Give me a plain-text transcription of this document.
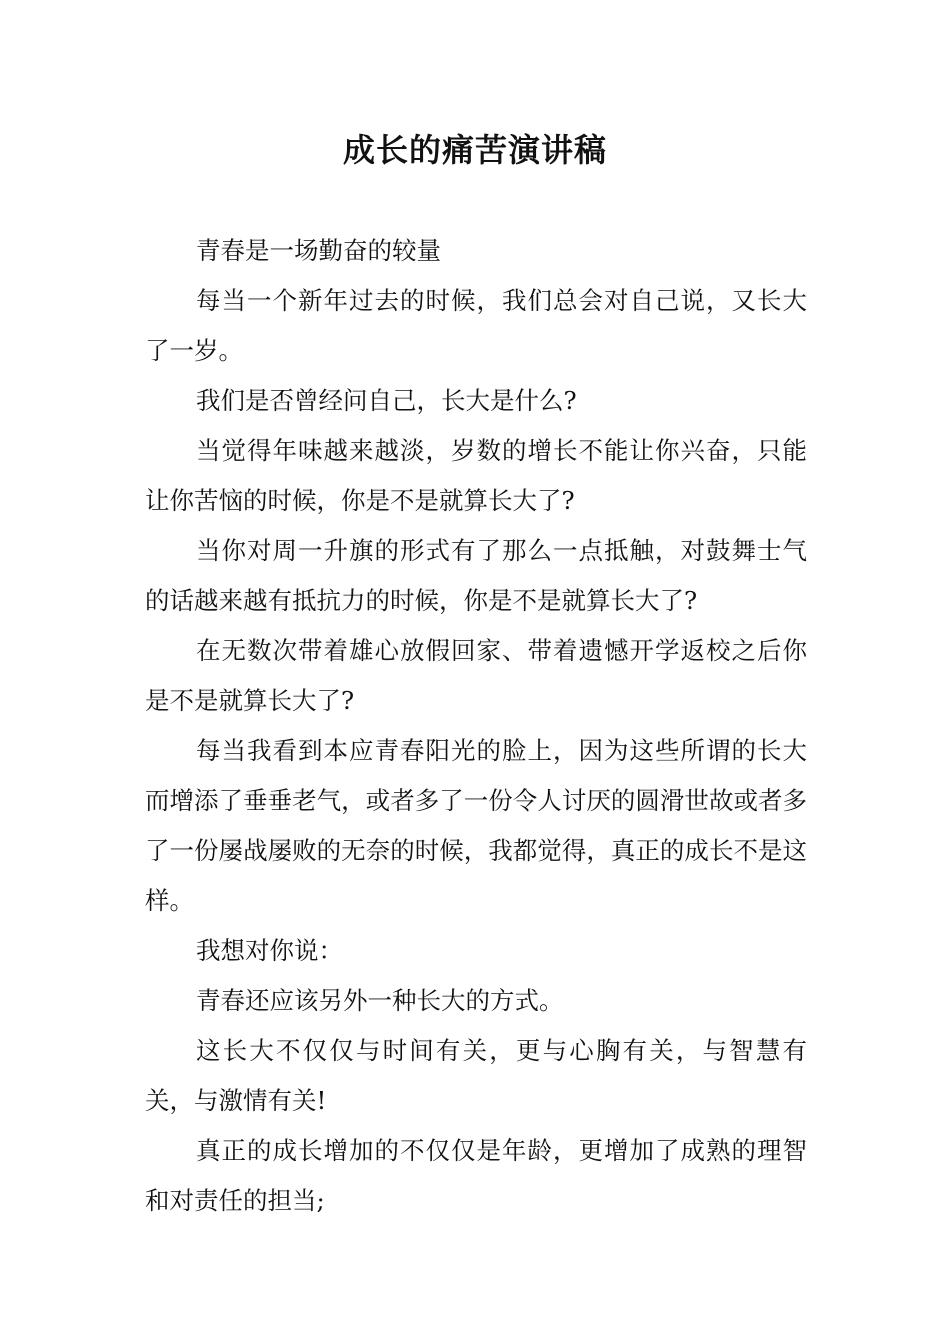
成长的痛苦演讲稿

青春是一场勤奋的较量

每当一个新年过去的时候，我们总会对自己说，又长大了一岁。

我们是否曾经问自己，长大是什么?

当觉得年味越来越淡，岁数的增长不能让你兴奋，只能让你苦恼的时候，你是不是就算长大了?

当你对周一升旗的形式有了那么一点抵触，对鼓舞士气的话越来越有抵抗力的时候，你是不是就算长大了?

在无数次带着雄心放假回家、带着遗憾开学返校之后你是不是就算长大了?

每当我看到本应青春阳光的脸上，因为这些所谓的长大而增添了垂垂老气，或者多了一份令人讨厌的圆滑世故或者多了一份屡战屡败的无奈的时候，我都觉得，真正的成长不是这样。

我想对你说：

青春还应该另外一种长大的方式。

这长大不仅仅与时间有关，更与心胸有关，与智慧有关，与激情有关!

真正的成长增加的不仅仅是年龄，更增加了成熟的理智和对责任的担当;
